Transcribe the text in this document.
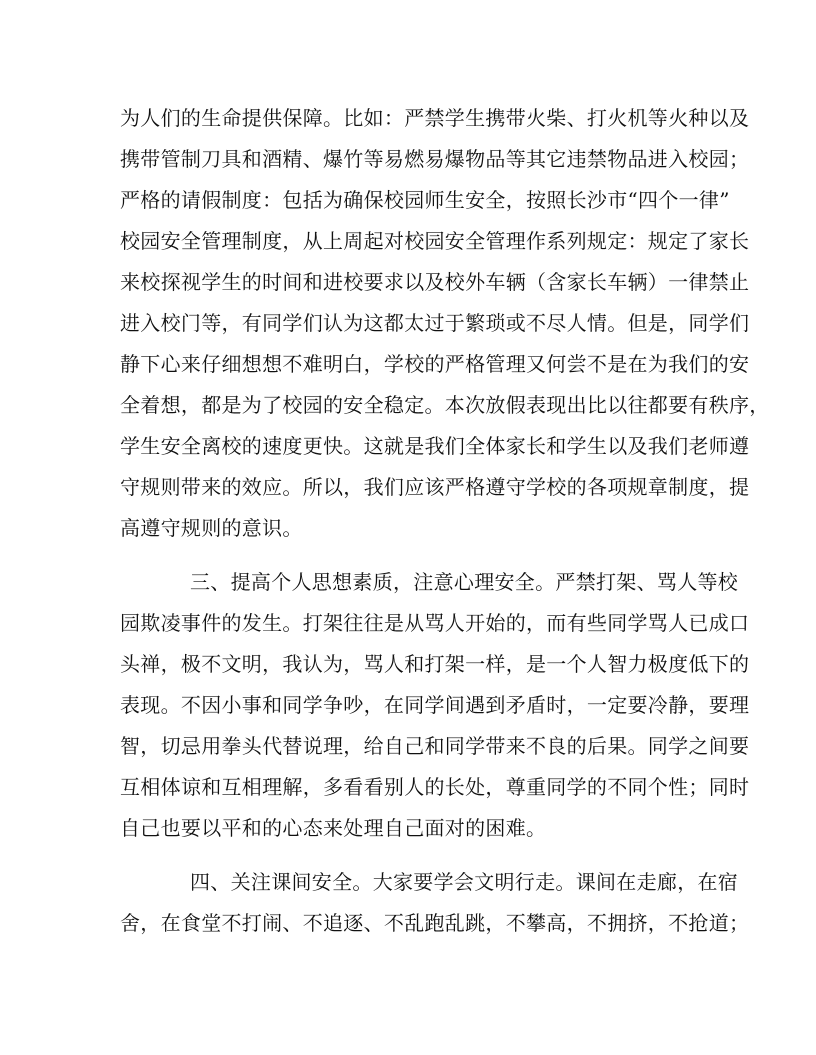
为人们的生命提供保障。比如：严禁学生携带火柴、打火机等火种以及
携带管制刀具和酒精、爆竹等易燃易爆物品等其它违禁物品进入校园；
严格的请假制度：包括为确保校园师生安全，按照长沙市“四个一律”
校园安全管理制度，从上周起对校园安全管理作系列规定：规定了家长
来校探视学生的时间和进校要求以及校外车辆（含家长车辆）一律禁止
进入校门等，有同学们认为这都太过于繁琐或不尽人情。但是，同学们
静下心来仔细想想不难明白，学校的严格管理又何尝不是在为我们的安
全着想，都是为了校园的安全稳定。本次放假表现出比以往都要有秩序，
学生安全离校的速度更快。这就是我们全体家长和学生以及我们老师遵
守规则带来的效应。所以，我们应该严格遵守学校的各项规章制度，提
高遵守规则的意识。
三、提高个人思想素质，注意心理安全。严禁打架、骂人等校
园欺凌事件的发生。打架往往是从骂人开始的，而有些同学骂人已成口
头禅，极不文明，我认为，骂人和打架一样，是一个人智力极度低下的
表现。不因小事和同学争吵，在同学间遇到矛盾时，一定要冷静，要理
智，切忌用拳头代替说理，给自己和同学带来不良的后果。同学之间要
互相体谅和互相理解，多看看别人的长处，尊重同学的不同个性；同时
自己也要以平和的心态来处理自己面对的困难。
四、关注课间安全。大家要学会文明行走。课间在走廊，在宿
舍，在食堂不打闹、不追逐、不乱跑乱跳，不攀高，不拥挤，不抢道；
